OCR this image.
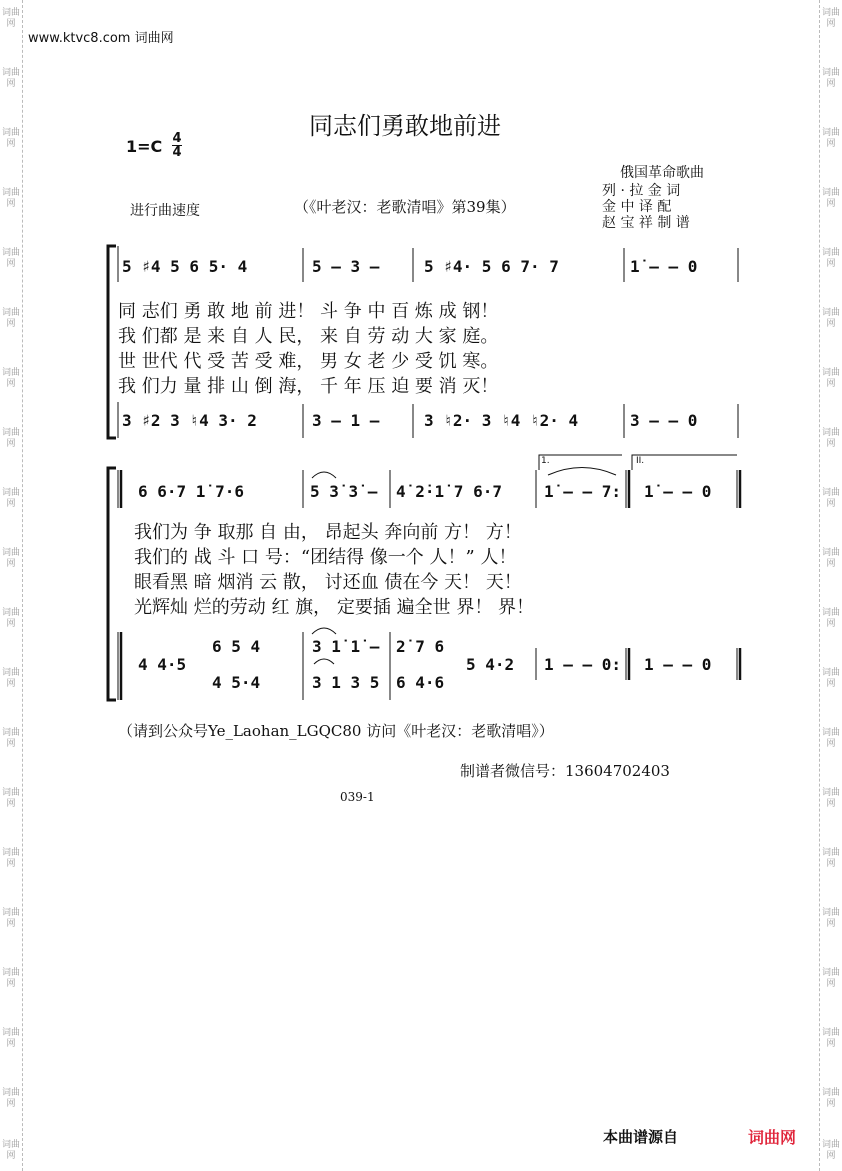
词曲网
词曲网
词曲网
词曲网
词曲网
词曲网
词曲网
词曲网
词曲网
词曲网
词曲网
词曲网
词曲网
词曲网
词曲网
词曲网
词曲网
词曲网
词曲网
词曲网
词曲网
词曲网
词曲网
词曲网
词曲网
词曲网
词曲网
词曲网
词曲网
词曲网
词曲网
词曲网
词曲网
词曲网
词曲网
词曲网
词曲网
词曲网
词曲网
词曲网
www.ktvc8.com 词曲网
同志们勇敢地前进
1=C 4
4
进行曲速度	（《叶老汉：老歌清唱》第39集）
俄国革命歌曲
列 · 拉 金 词
金 中 译 配
赵 宝 祥 制 谱
5 ♯4 5 6 5· 4	5 – 3 –	5 ♯4· 5 6 7· 7	1̇ – – 0
同 志们 勇 敢 地 前 进！ 斗 争 中 百 炼 成 钢！
我 们都 是 来 自 人 民， 来 自 劳 动 大 家 庭。
世 世代 代 受 苦 受 难， 男 女 老 少 受 饥 寒。
我 们力 量 排 山 倒 海， 千 年 压 迫 要 消 灭！
3 ♯2 3 ♮4 3· 2	3 – 1 –	3 ♮2· 3 ♮4 ♮2· 4	3 – – 0
1.	II.
6 6·7 1̇ 7·6	5 3̇ 3̇ – 4̇ 2̇·1̇ 7 6·7	1̇ – – 7: 1̇ – – 0
我们为 争 取那 自 由， 昂起头 奔向前 方！ 方！
我们的 战 斗 口 号：“团结得 像一个 人！” 人！
眼看黑 暗 烟消 云 散， 讨还血 债在今 天！ 天！
光辉灿 烂的劳动 红 旗， 定要插 遍全世 界！ 界！
6 5 4	3 1̇ 1̇ – 2̇ 7 6
4 4·5
4 5·4	3 1 3 5 6 4·6
5 4·2 1 – – 0: 1 – – 0
（请到公众号Ye_Laohan_LGQC80 访问《叶老汉：老歌清唱》）
制谱者微信号：13604702403
039-1
本曲谱源自	词曲网
